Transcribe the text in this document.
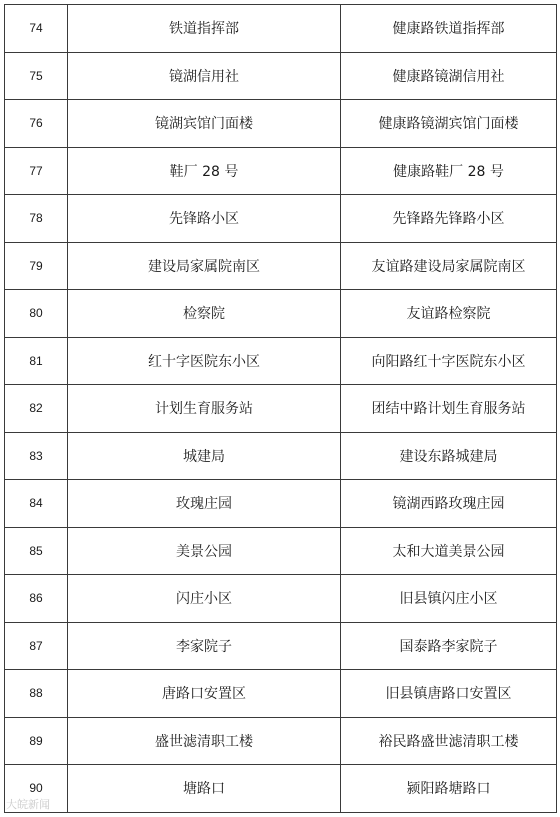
74	铁道指挥部	健康路铁道指挥部
75	镜湖信用社	健康路镜湖信用社
76	镜湖宾馆门面楼	健康路镜湖宾馆门面楼
77	鞋厂 28 号	健康路鞋厂 28 号
78	先锋路小区	先锋路先锋路小区
79	建设局家属院南区	友谊路建设局家属院南区
80	检察院	友谊路检察院
81	红十字医院东小区	向阳路红十字医院东小区
82	计划生育服务站	团结中路计划生育服务站
83	城建局	建设东路城建局
84	玫瑰庄园	镜湖西路玫瑰庄园
85	美景公园	太和大道美景公园
86	闪庄小区	旧县镇闪庄小区
87	李家院子	国泰路李家院子
88	唐路口安置区	旧县镇唐路口安置区
89	盛世滤清职工楼	裕民路盛世滤清职工楼
90	塘路口	颍阳路塘路口
大皖新闻
